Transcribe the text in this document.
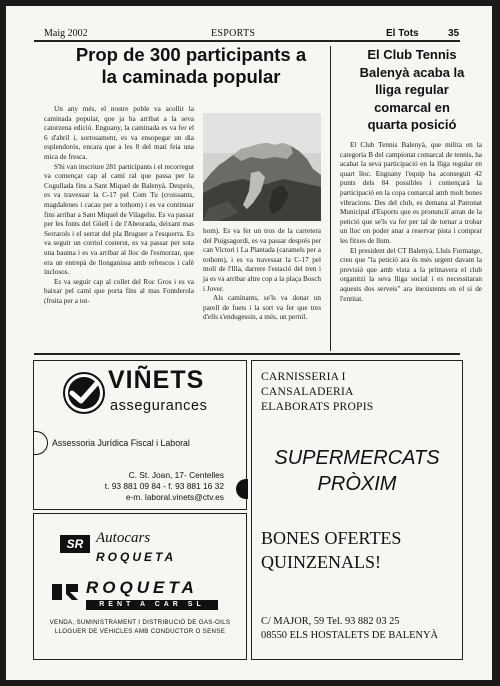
Maig 2002	ESPORTS	El Tots	35
Prop de 300 participants a
la caminada popular

Un any més, el nostre poble va acollir la caminada popular, que ja ha arribat a la seva catorzena edició. Enguany, la caminada es va fer el 6 d'abril i, sortosament, es va ensopegar un dia esplendorós, encara que a les 8 del matí feia una mica de fresca.

S'hi van inscriure 281 participants i el recorregut va començar cap al camí ral que passa per la Cogullada fins a Sant Miquel de Balenyà. Després, es va travessar la C-17 pel Com Tu (croissants, magdalenes i cacau per a tothom) i es va continuar fins arribar a Sant Miquel de Vilageliu. Es va passar per les fonts del Güell i de l'Abeurada, deixant mas Serrarols i el serrat del pla Bruguer a l'esquerra. Es va seguir un corriol costerut, es va passar per sota una bauma i es va arribar al lloc de l'esmorzar, que era un entrepà de llonganissa amb refrescos i cafè inclosos.

Es va seguir cap al collet del Roc Gros i es va baixar pel camí que porta fins al mas Fontderola (fruita per a tot-

hom). Es va fer un tros de la carretera del Puigsagordi, es va passar després per can Victori i La Plantada (caramels per a tothom), i es va travessar la C-17 pel molí de l'Illa, darrere l'estació del tren i ja es va arribar altre cop a la plaça Bosch i Jover.

Als caminants, se'ls va donar un parell de fuets i la sort va fer que tres d'ells s'endugessin, a més, un pernil.

El Club Tennis
Balenyà acaba la
lliga regular
comarcal en
quarta posició

El Club Tennis Balenyà, que milita en la categoria B del campionat comarcal de tennis, ha acabat la seva participació en la lliga regular en quart lloc. Enguany l'equip ha aconseguit 42 punts dels 84 possibles i començarà la participació en la copa comarcal amb molt bones vibracions. Des del club, es demana al Patronat Municipal d'Esports que es pronunciï arran de la petició que se'ls va fer per tal de tornar a trobar un lloc on poder anar a reservar pista i comprar les fitxes de llum.

El president del CT Balenyà, Lluís Formatge, creu que "la petició ara és més urgent davant la previsió que amb vista a la primavera el club organitzi la seva lliga social i es necessitaran aquests dos serveis" ara inexistents en el si de l'entitat.

VIÑETS
assegurances
Assessoria Jurídica Fiscal i Laboral
C. St. Joan, 17- Centelles
t. 93 881 09 84 - f. 93 881 16 32
e-m. laboral.vinets@ctv.es
SR Autocars
ROQUETA
ROQUETA
RENT A CAR SL
VENDA, SUMINISTRAMENT I DISTRIBUCIÓ DE GAS-OILS
LLOGUER DE VEHICLES AMB CONDUCTOR O SENSE
CARNISSERIA I
CANSALADERIA
ELABORATS PROPIS
SUPERMERCATS
PRÒXIM
BONES OFERTES
QUINZENALS!
C/ MAJOR, 59 Tel. 93 882 03 25
08550 ELS HOSTALETS DE BALENYÀ
